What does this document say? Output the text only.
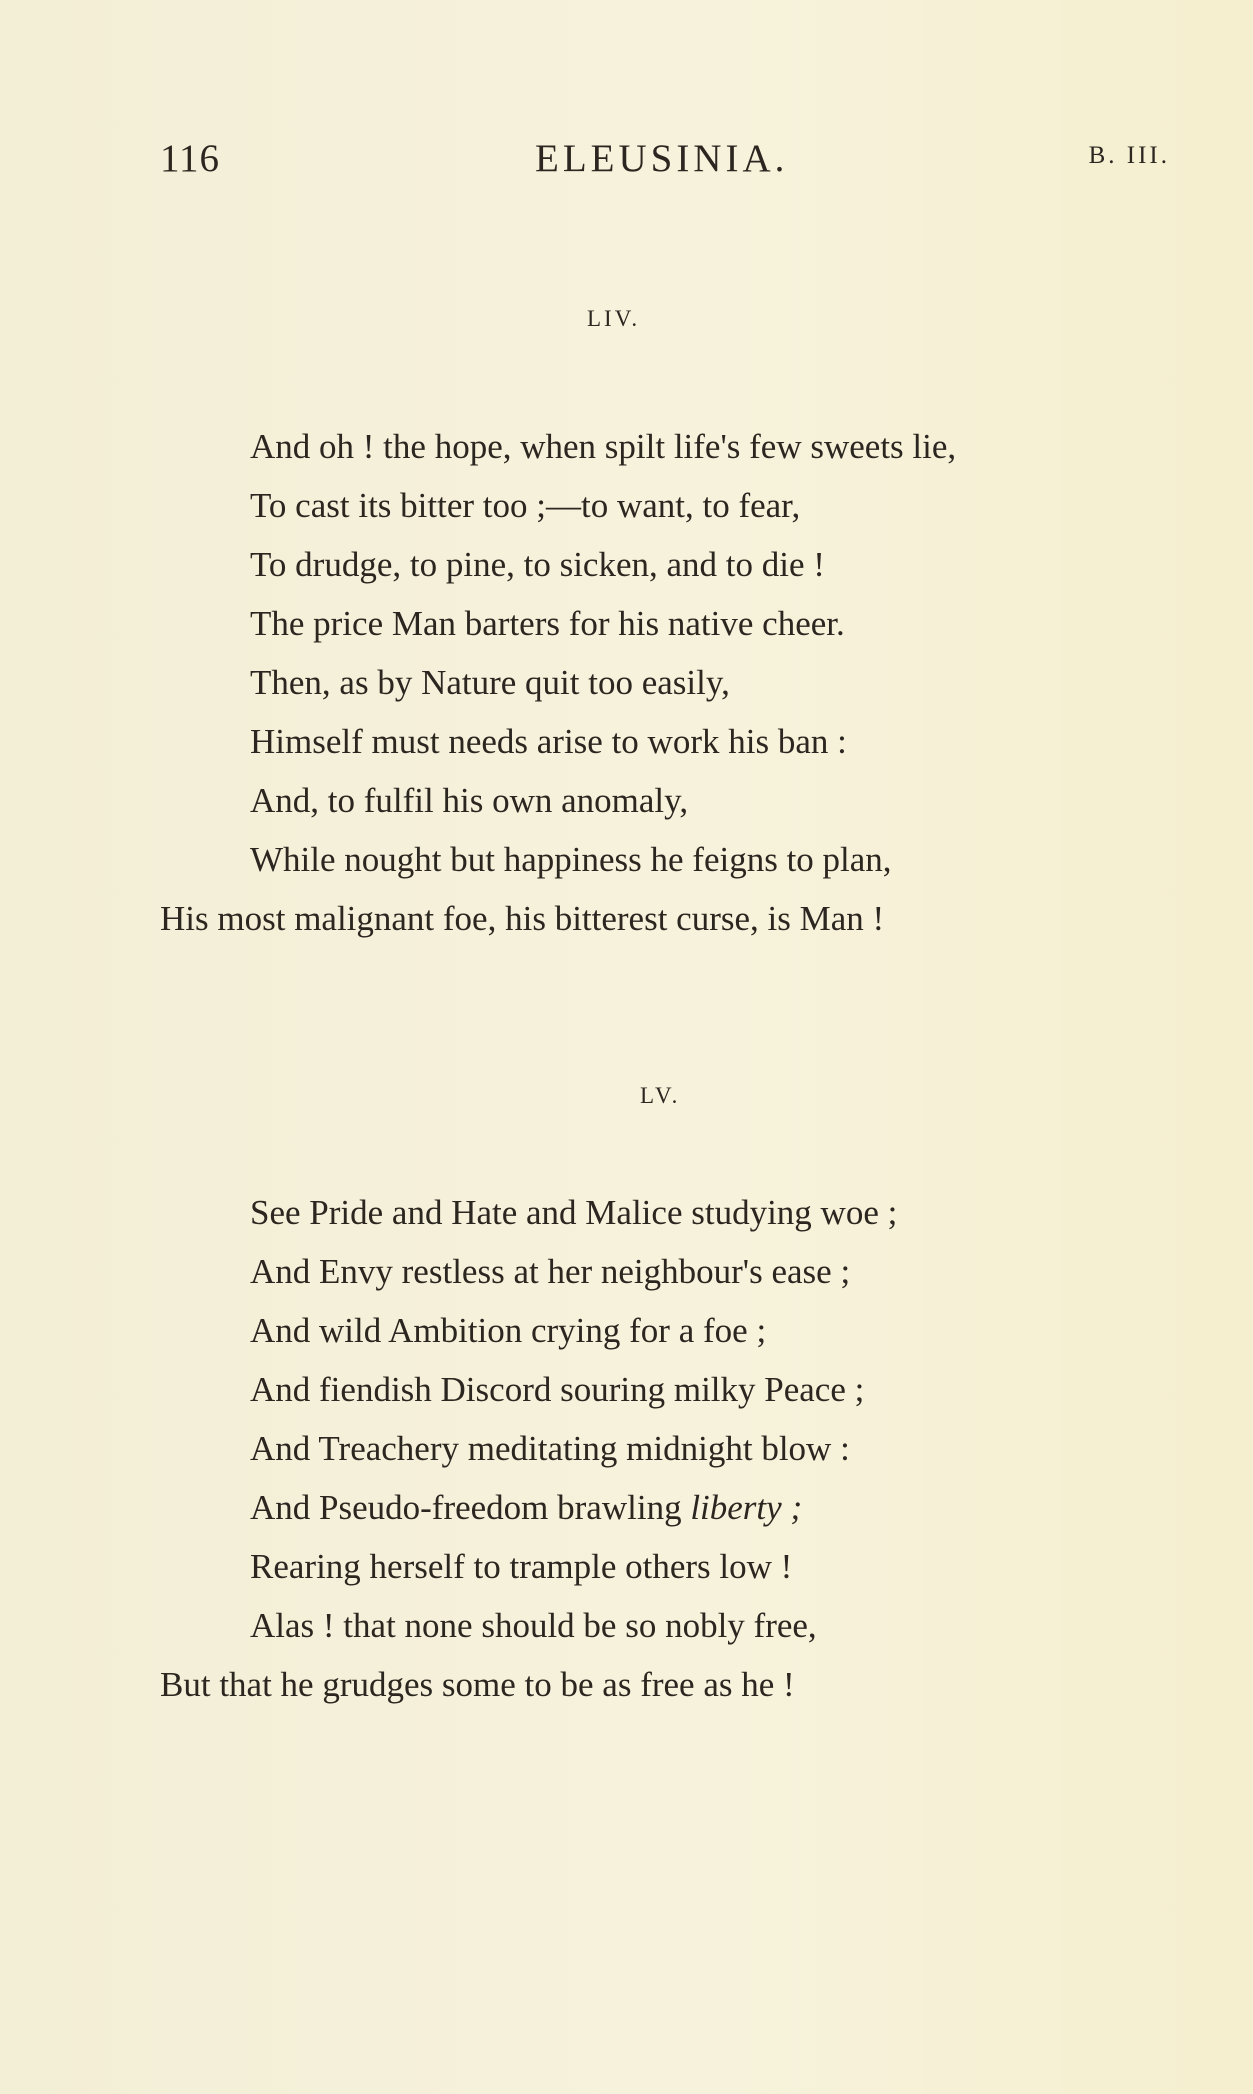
116	ELEUSINIA.	B. III.
LIV.
And oh ! the hope, when spilt life's few sweets lie,

To cast its bitter too ;—to want, to fear,

To drudge, to pine, to sicken, and to die !

The price Man barters for his native cheer.

Then, as by Nature quit too easily,

Himself must needs arise to work his ban :

And, to fulfil his own anomaly,

While nought but happiness he feigns to plan,

His most malignant foe, his bitterest curse, is Man !

LV.
See Pride and Hate and Malice studying woe ;

And Envy restless at her neighbour's ease ;

And wild Ambition crying for a foe ;

And fiendish Discord souring milky Peace ;

And Treachery meditating midnight blow :

And Pseudo-freedom brawling liberty ;

Rearing herself to trample others low !

Alas ! that none should be so nobly free,

But that he grudges some to be as free as he !
